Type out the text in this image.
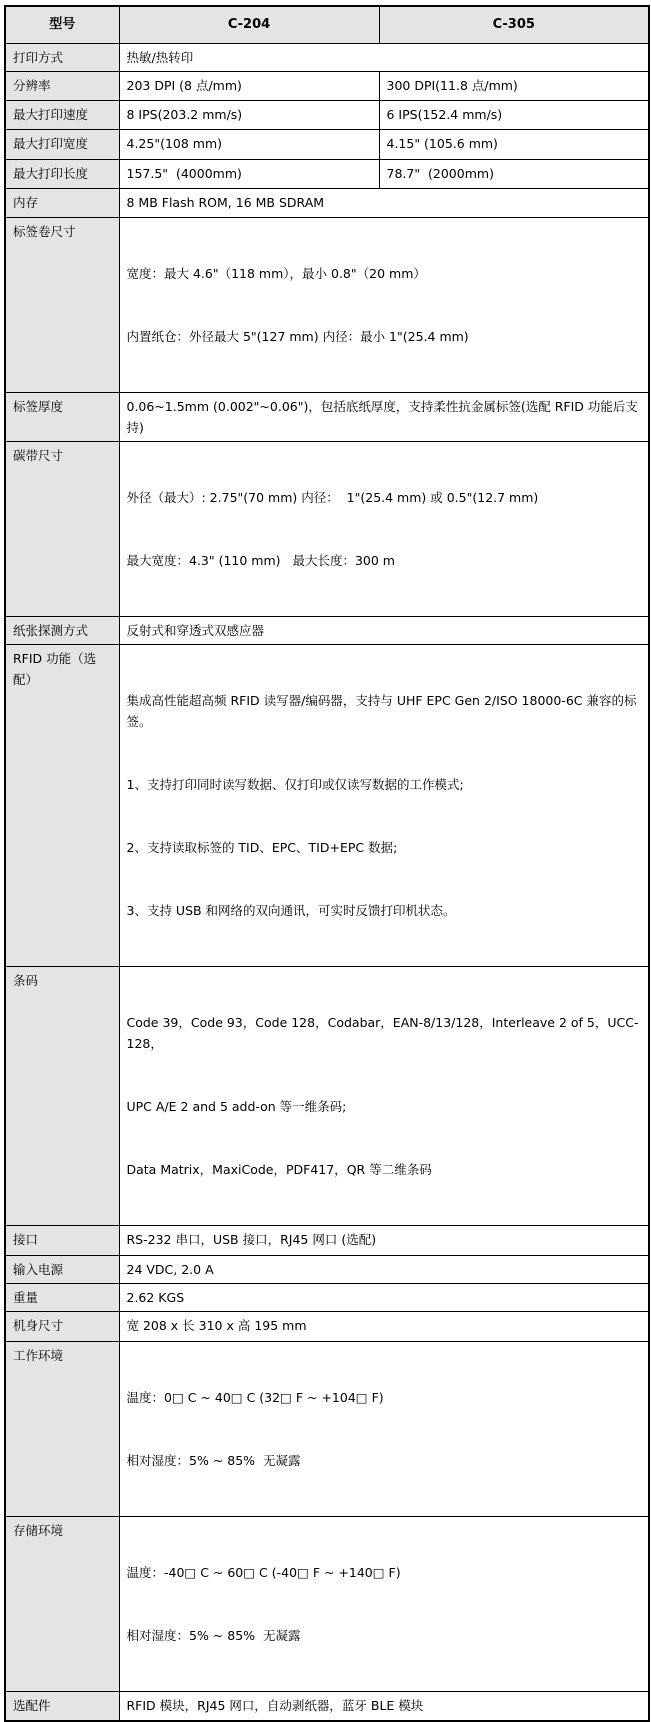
型号	C-204	C-305
打印方式	热敏/热转印	
分辨率	203 DPI (8 点/mm)	300 DPI(11.8 点/mm)
最大打印速度	8 IPS(203.2 mm/s)	6 IPS(152.4 mm/s)
最大打印宽度	4.25"(108 mm)	4.15" (105.6 mm)
最大打印长度	157.5"  (4000mm)	78.7"  (2000mm)
内存	8 MB Flash ROM, 16 MB SDRAM	
标签卷尺寸	宽度：最大 4.6"（118 mm），最小 0.8"（20 mm）

内置纸仓：外径最大 5"(127 mm) 内径：最小 1"(25.4 mm)	

标签厚度	0.06~1.5mm (0.002"~0.06")，包括底纸厚度，支持柔性抗金属标签(选配 RFID 功能后支持)	
碳带尺寸	外径（最大）: 2.75"(70 mm) 内径：  1"(25.4 mm) 或 0.5"(12.7 mm)

最大宽度：4.3" (110 mm)   最大长度：300 m	

纸张探测方式	反射式和穿透式双感应器	
RFID 功能（选配）	集成高性能超高频 RFID 读写器/编码器，支持与 UHF EPC Gen 2/ISO 18000-6C 兼容的标签。

1、支持打印同时读写数据、仅打印或仅读写数据的工作模式;

2、支持读取标签的 TID、EPC、TID+EPC 数据;

3、支持 USB 和网络的双向通讯，可实时反馈打印机状态。	

条码	Code 39，Code 93，Code 128，Codabar，EAN-8/13/128，Interleave 2 of 5，UCC-128，

UPC A/E 2 and 5 add-on 等一维条码;

Data Matrix，MaxiCode，PDF417，QR 等二维条码	

接口	RS-232 串口，USB 接口，RJ45 网口 (选配)	
输入电源	24 VDC, 2.0 A	
重量	2.62 KGS	
机身尺寸	宽 208 x 长 310 x 高 195 mm	
工作环境	温度：0□ C ~ 40□ C (32□ F ~ +104□ F)

相对湿度：5% ~ 85%  无凝露	

存储环境	温度：-40□ C ~ 60□ C (-40□ F ~ +140□ F)

相对湿度：5% ~ 85%  无凝露	

选配件	RFID 模块，RJ45 网口，自动剥纸器，蓝牙 BLE 模块	
